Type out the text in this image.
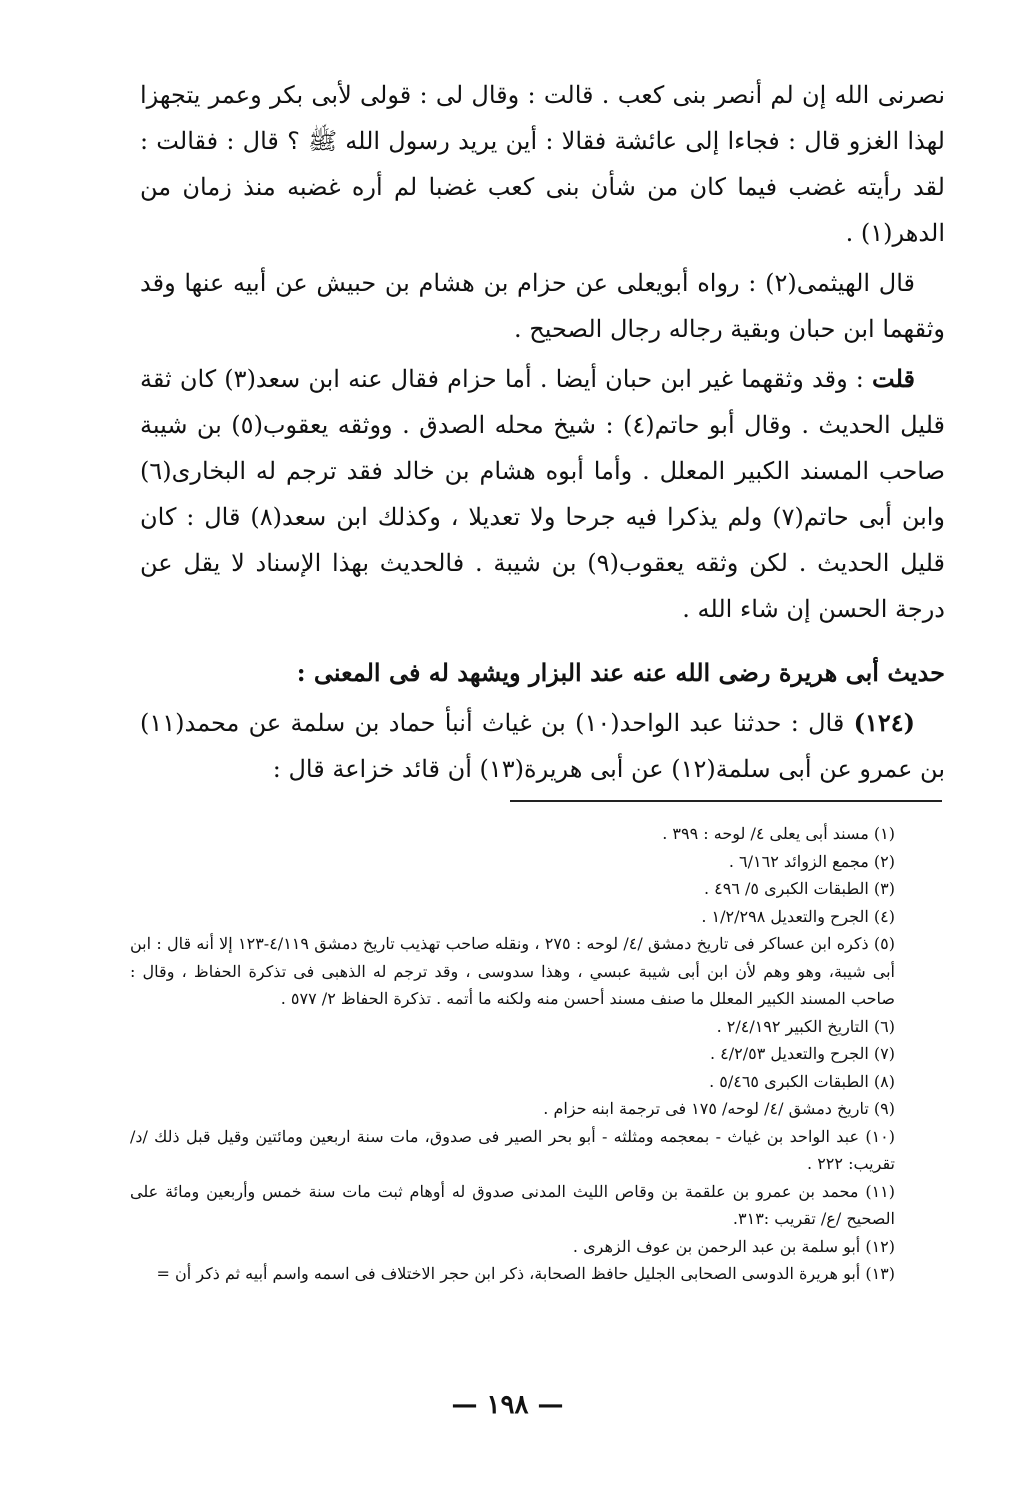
نصرنى الله إن لم أنصر بنى كعب . قالت : وقال لى : قولى لأبى بكر وعمر يتجهزا لهذا الغزو قال : فجاءا إلى عائشة فقالا : أين يريد رسول الله ﷺ ؟ قال : فقالت : لقد رأيته غضب فيما كان من شأن بنى كعب غضبا لم أره غضبه منذ زمان من الدهر(١) .

قال الهيثمى(٢) : رواه أبويعلى عن حزام بن هشام بن حبيش عن أبيه عنها وقد وثقهما ابن حبان وبقية رجاله رجال الصحيح .

قلت : وقد وثقهما غير ابن حبان أيضا . أما حزام فقال عنه ابن سعد(٣) كان ثقة قليل الحديث . وقال أبو حاتم(٤) : شيخ محله الصدق . ووثقه يعقوب(٥) بن شيبة صاحب المسند الكبير المعلل . وأما أبوه هشام بن خالد فقد ترجم له البخارى(٦) وابن أبى حاتم(٧) ولم يذكرا فيه جرحا ولا تعديلا ، وكذلك ابن سعد(٨) قال : كان قليل الحديث . لكن وثقه يعقوب(٩) بن شيبة . فالحديث بهذا الإسناد لا يقل عن درجة الحسن إن شاء الله .

حديث أبى هريرة رضى الله عنه عند البزار ويشهد له فى المعنى :

(١٢٤) قال : حدثنا عبد الواحد(١٠) بن غياث أنبأ حماد بن سلمة عن محمد(١١) بن عمرو عن أبى سلمة(١٢) عن أبى هريرة(١٣) أن قائد خزاعة قال :

(١) مسند أبى يعلى ٤/ لوحه : ٣٩٩ .

(٢) مجمع الزوائد ٦/١٦٢ .

(٣) الطبقات الكبرى ٥/ ٤٩٦ .

(٤) الجرح والتعديل ١/٢/٢٩٨ .

(٥) ذكره ابن عساكر فى تاريخ دمشق /٤/ لوحه : ٢٧٥ ، ونقله صاحب تهذيب تاريخ دمشق ٤/١١٩-١٢٣ إلا أنه قال : ابن أبى شيبة، وهو وهم لأن ابن أبى شيبة عبسي ، وهذا سدوسى ، وقد ترجم له الذهبى فى تذكرة الحفاظ ، وقال : صاحب المسند الكبير المعلل ما صنف مسند أحسن منه ولكنه ما أتمه . تذكرة الحفاظ ٢/ ٥٧٧ .

(٦) التاريخ الكبير ٢/٤/١٩٢ .

(٧) الجرح والتعديل ٤/٢/٥٣ .

(٨) الطبقات الكبرى ٥/٤٦٥ .

(٩) تاريخ دمشق /٤/ لوحه/ ١٧٥ فى ترجمة ابنه حزام .

(١٠) عبد الواحد بن غياث - بمعجمه ومثلثه - أبو بحر الصير فى صدوق، مات سنة اربعين ومائتين وقيل قبل ذلك /د/ تقريب: ٢٢٢ .

(١١) محمد بن عمرو بن علقمة بن وقاص الليث المدنى صدوق له أوهام ثبت مات سنة خمس وأربعين ومائة على الصحيح /ع/ تقريب :٣١٣.

(١٢) أبو سلمة بن عبد الرحمن بن عوف الزهرى .

(١٣) أبو هريرة الدوسى الصحابى الجليل حافظ الصحابة، ذكر ابن حجر الاختلاف فى اسمه واسم أبيه ثم ذكر أن =

— ١٩٨ —
